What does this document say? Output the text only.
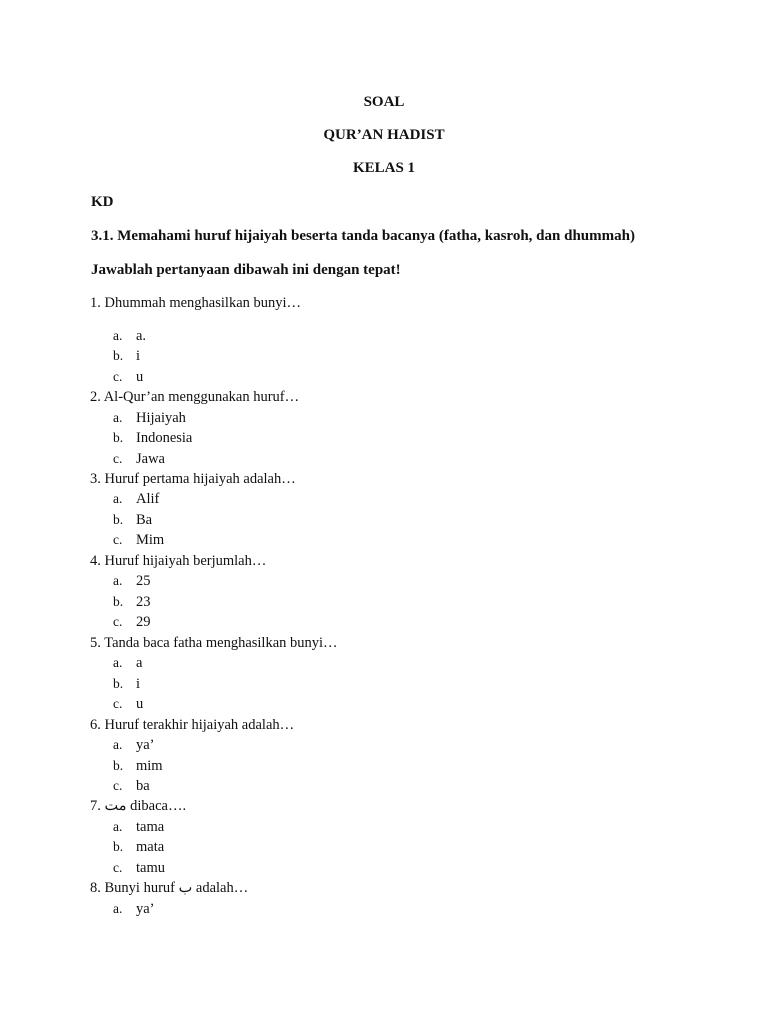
SOAL
QUR’AN HADIST
KELAS 1
KD
3.1. Memahami huruf hijaiyah beserta tanda bacanya (fatha, kasroh, dan dhummah)
Jawablah pertanyaan dibawah ini dengan tepat!
1. Dhummah menghasilkan bunyi…
a. a.
b. i
c. u
2. Al-Qur’an menggunakan huruf…
a. Hijaiyah
b. Indonesia
c. Jawa
3. Huruf pertama hijaiyah adalah…
a. Alif
b. Ba
c. Mim
4. Huruf hijaiyah berjumlah…
a. 25
b. 23
c. 29
5. Tanda baca fatha menghasilkan bunyi…
a. a
b. i
c. u
6. Huruf terakhir hijaiyah adalah…
a. ya’
b. mim
c. ba
7. مت dibaca….
a. tama
b. mata
c. tamu
8. Bunyi huruf ب adalah…
a. ya’
